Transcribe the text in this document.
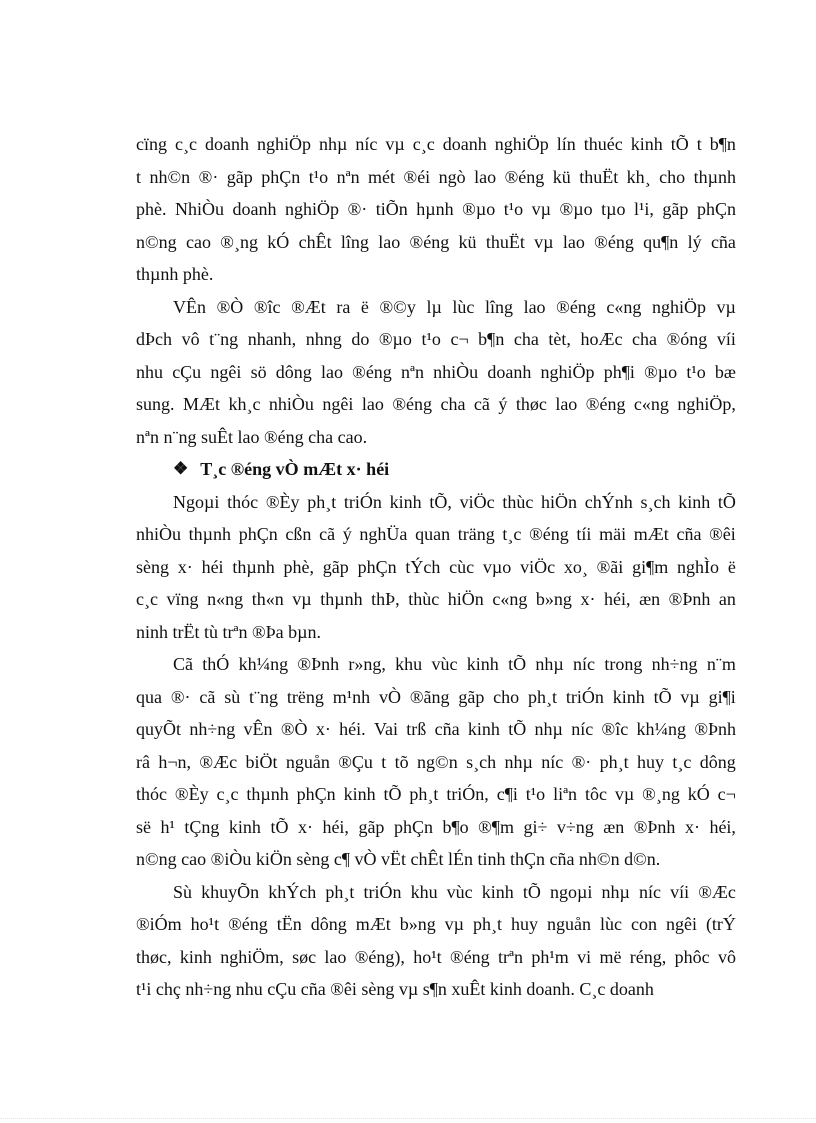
cïng c¸c doanh nghiÖp nhµ níc vµ c¸c doanh nghiÖp lín thuéc kinh tÕ t b¶n
t nh©n ®· gãp phÇn t¹o nªn mét ®éi ngò lao ®éng kü thuËt kh¸ cho thµnh
phè. NhiÒu doanh nghiÖp ®· tiÕn hµnh ®µo t¹o vµ ®µo tµo l¹i, gãp phÇn
n©ng cao ®¸ng kÓ chÊt lîng lao ®éng kü thuËt vµ lao ®éng qu¶n lý cña
thµnh phè.
VÊn ®Ò ®îc ®Æt ra ë ®©y lµ lùc lîng lao ®éng c«ng nghiÖp vµ
dÞch vô t¨ng nhanh, nhng do ®µo t¹o c¬ b¶n cha tèt, hoÆc cha ®óng víi
nhu cÇu ngêi sö dông lao ®éng nªn nhiÒu doanh nghiÖp ph¶i ®µo t¹o bæ
sung. MÆt kh¸c nhiÒu ngêi lao ®éng cha cã ý thøc lao ®éng c«ng nghiÖp,
nªn n¨ng suÊt lao ®éng cha cao.
❖ T¸c ®éng vÒ mÆt x· héi
Ngoµi thóc ®Èy ph¸t triÓn kinh tÕ, viÖc thùc hiÖn chÝnh s¸ch kinh tÕ
nhiÒu thµnh phÇn cßn cã ý nghÜa quan träng t¸c ®éng tíi mäi mÆt cña ®êi
sèng x· héi thµnh phè, gãp phÇn tÝch cùc vµo viÖc xo¸ ®ãi gi¶m nghÌo ë
c¸c vïng n«ng th«n vµ thµnh thÞ, thùc hiÖn c«ng b»ng x· héi, æn ®Þnh an
ninh trËt tù trªn ®Þa bµn.
Cã thÓ kh¼ng ®Þnh r»ng, khu vùc kinh tÕ nhµ níc trong nh÷ng n¨m
qua ®· cã sù t¨ng trëng m¹nh vÒ ®ãng gãp cho ph¸t triÓn kinh tÕ vµ gi¶i
quyÕt nh÷ng vÊn ®Ò x· héi. Vai trß cña kinh tÕ nhµ níc ®îc kh¼ng ®Þnh
râ h¬n, ®Æc biÖt nguån ®Çu t tõ ng©n s¸ch nhµ níc ®· ph¸t huy t¸c dông
thóc ®Èy c¸c thµnh phÇn kinh tÕ ph¸t triÓn, c¶i t¹o liªn tôc vµ ®¸ng kÓ c¬
së h¹ tÇng kinh tÕ x· héi, gãp phÇn b¶o ®¶m gi÷ v÷ng æn ®Þnh x· héi,
n©ng cao ®iÒu kiÖn sèng c¶ vÒ vËt chÊt lÉn tinh thÇn cña nh©n d©n.
Sù khuyÕn khÝch ph¸t triÓn khu vùc kinh tÕ ngoµi nhµ níc víi ®Æc
®iÓm ho¹t ®éng tËn dông mÆt b»ng vµ ph¸t huy nguån lùc con ngêi (trÝ
thøc, kinh nghiÖm, søc lao ®éng), ho¹t ®éng trªn ph¹m vi më réng, phôc vô
t¹i chç nh÷ng nhu cÇu cña ®êi sèng vµ s¶n xuÊt kinh doanh. C¸c doanh
